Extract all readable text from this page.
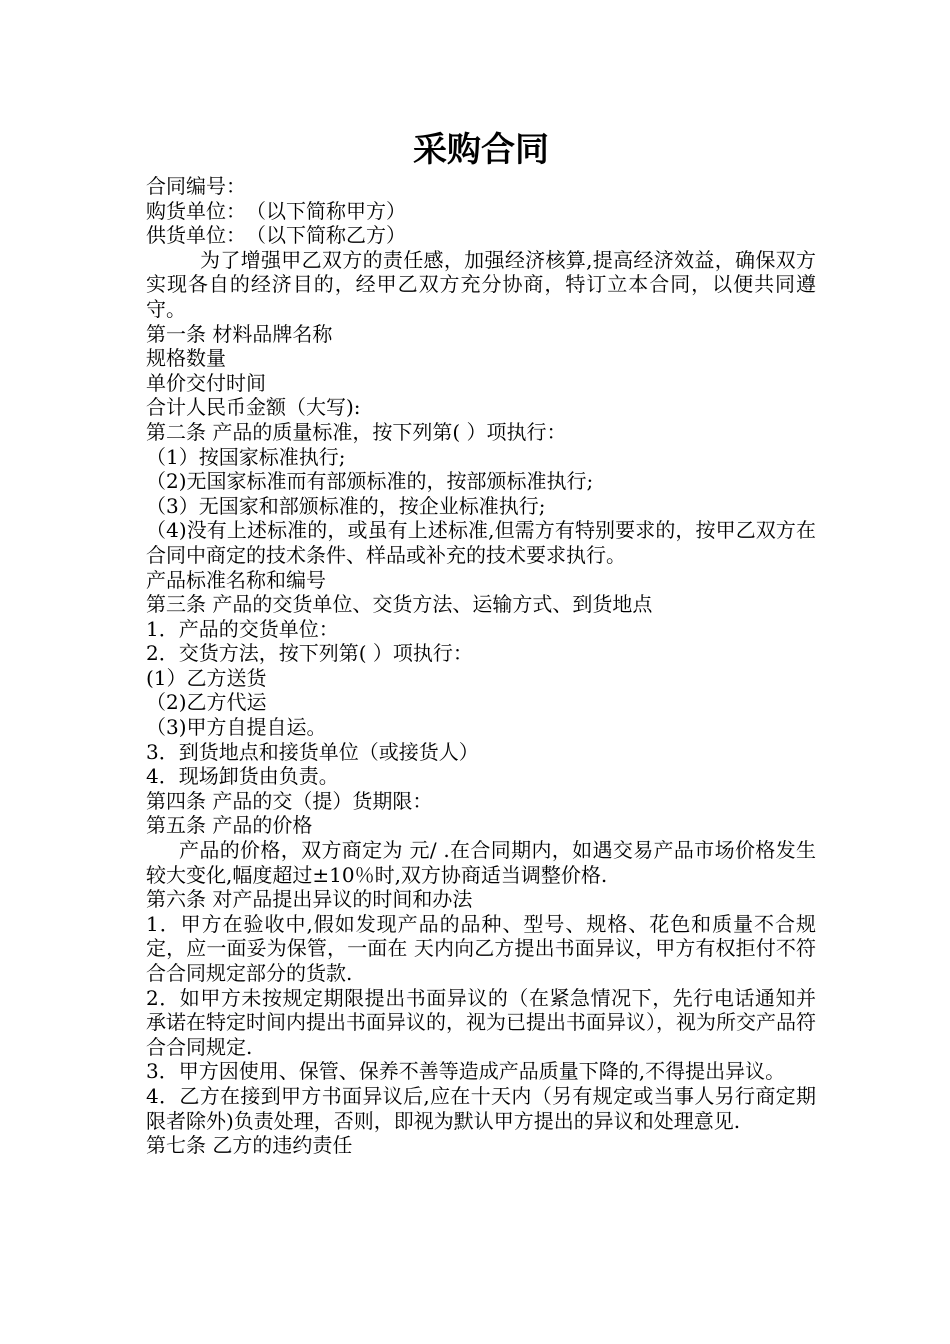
采购合同
合同编号：
购货单位：　（以下简称甲方）
供货单位：　（以下简称乙方）
为了增强甲乙双方的责任感，加强经济核算,提高经济效益，确保双方实现各自的经济目的，经甲乙双方充分协商，特订立本合同，以便共同遵守。
第一条 材料品牌名称
规格数量
单价交付时间
合计人民币金额（大写):
第二条 产品的质量标准，按下列第( ）项执行：
（1）按国家标准执行;
（2)无国家标准而有部颁标准的，按部颁标准执行;
（3）无国家和部颁标准的，按企业标准执行;
（4)没有上述标准的，或虽有上述标准,但需方有特别要求的，按甲乙双方在合同中商定的技术条件、样品或补充的技术要求执行。
产品标准名称和编号
第三条 产品的交货单位、交货方法、运输方式、到货地点
1．产品的交货单位：
2．交货方法，按下列第( ）项执行：
(1）乙方送货
（2)乙方代运
（3)甲方自提自运。
3．到货地点和接货单位（或接货人）
4．现场卸货由负责。
第四条 产品的交（提）货期限：
第五条 产品的价格
产品的价格，双方商定为 元/ .在合同期内，如遇交易产品市场价格发生较大变化,幅度超过±10％时,双方协商适当调整价格.
第六条 对产品提出异议的时间和办法
1．甲方在验收中,假如发现产品的品种、型号、规格、花色和质量不合规定，应一面妥为保管，一面在 天内向乙方提出书面异议，甲方有权拒付不符合合同规定部分的货款.
2．如甲方未按规定期限提出书面异议的（在紧急情况下，先行电话通知并承诺在特定时间内提出书面异议的，视为已提出书面异议），视为所交产品符合合同规定.
3．甲方因使用、保管、保养不善等造成产品质量下降的,不得提出异议。
4．乙方在接到甲方书面异议后,应在十天内（另有规定或当事人另行商定期限者除外)负责处理，否则，即视为默认甲方提出的异议和处理意见.
第七条 乙方的违约责任
